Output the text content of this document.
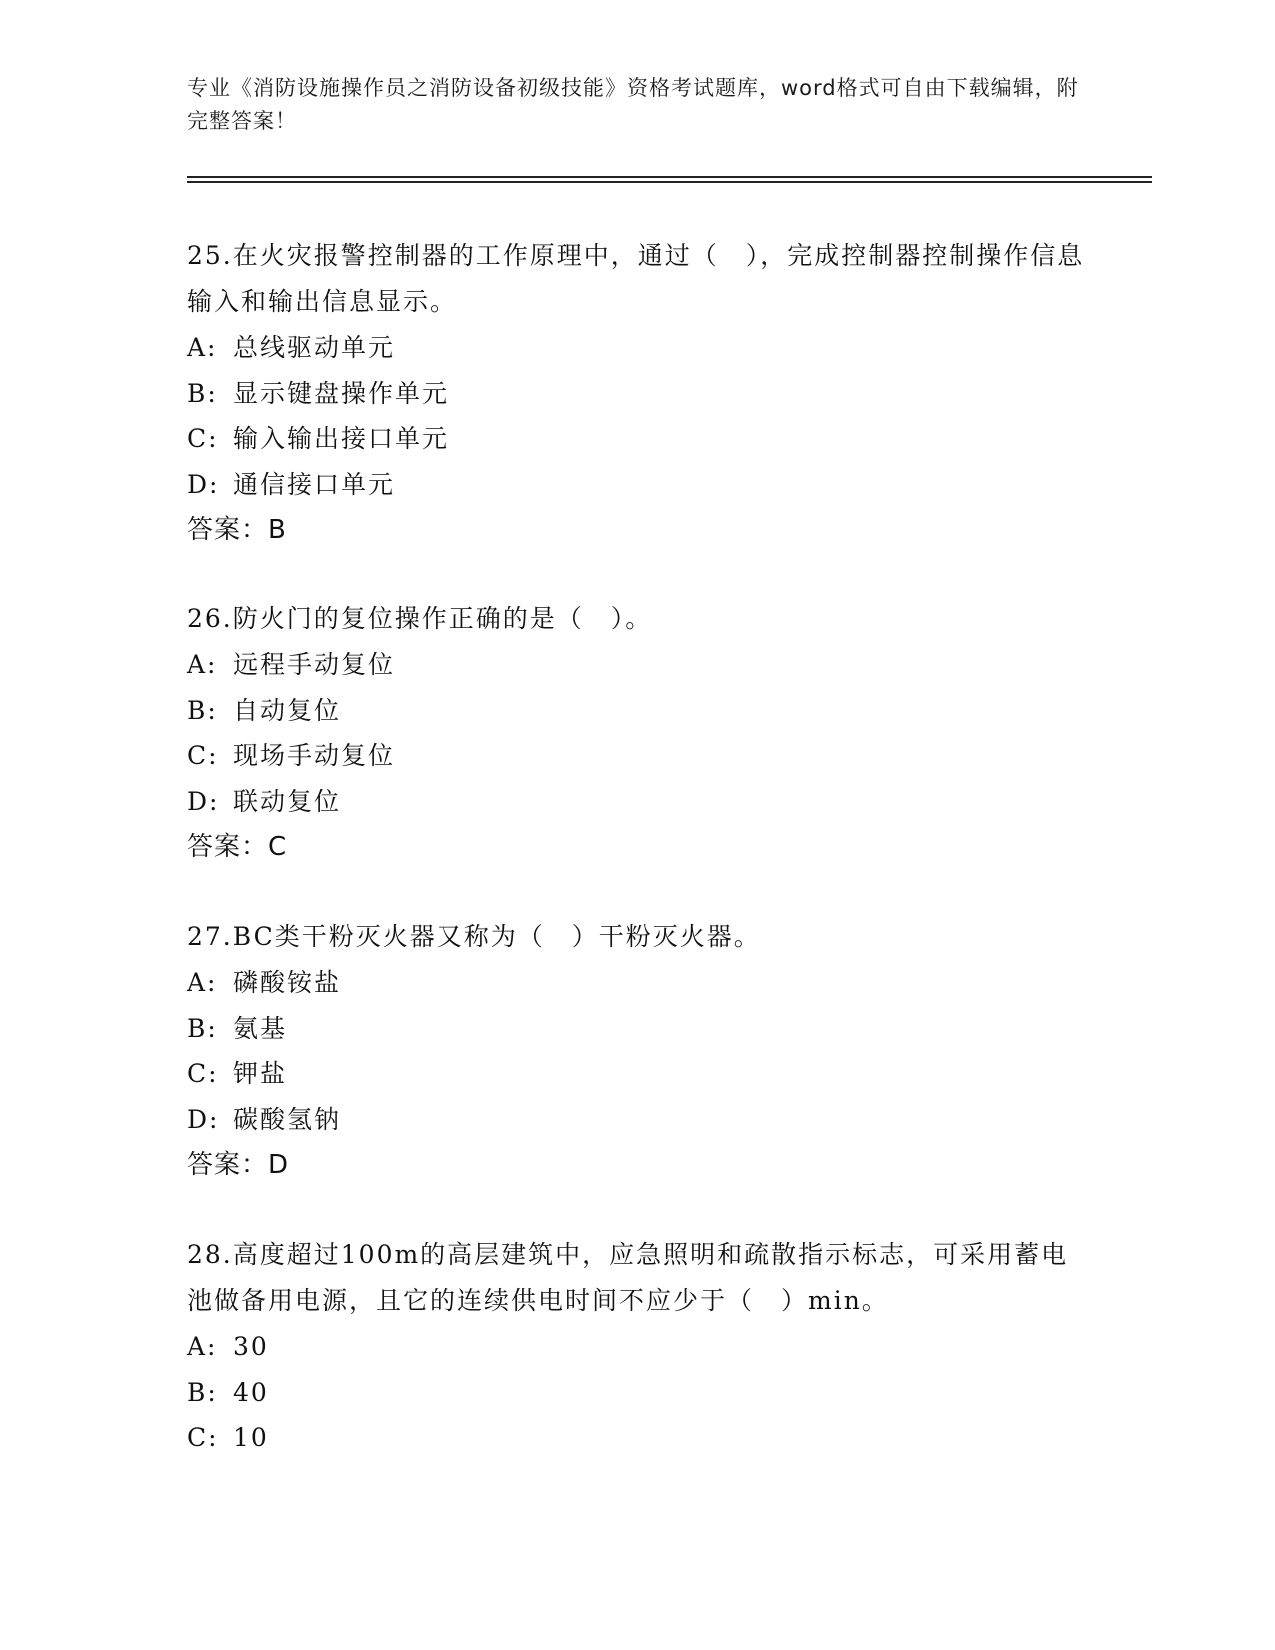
专业《消防设施操作员之消防设备初级技能》资格考试题库，word格式可自由下载编辑，附完整答案！

25.在火灾报警控制器的工作原理中，通过（　），完成控制器控制操作信息输入和输出信息显示。

A: 总线驱动单元

B: 显示键盘操作单元

C: 输入输出接口单元

D: 通信接口单元

答案：B

26.防火门的复位操作正确的是（　）。

A: 远程手动复位

B: 自动复位

C: 现场手动复位

D: 联动复位

答案：C

27.BC类干粉灭火器又称为（　）干粉灭火器。

A: 磷酸铵盐

B: 氨基

C: 钾盐

D: 碳酸氢钠

答案：D

28.高度超过100m的高层建筑中，应急照明和疏散指示标志，可采用蓄电池做备用电源，且它的连续供电时间不应少于（　）min。

A: 30

B: 40

C: 10
